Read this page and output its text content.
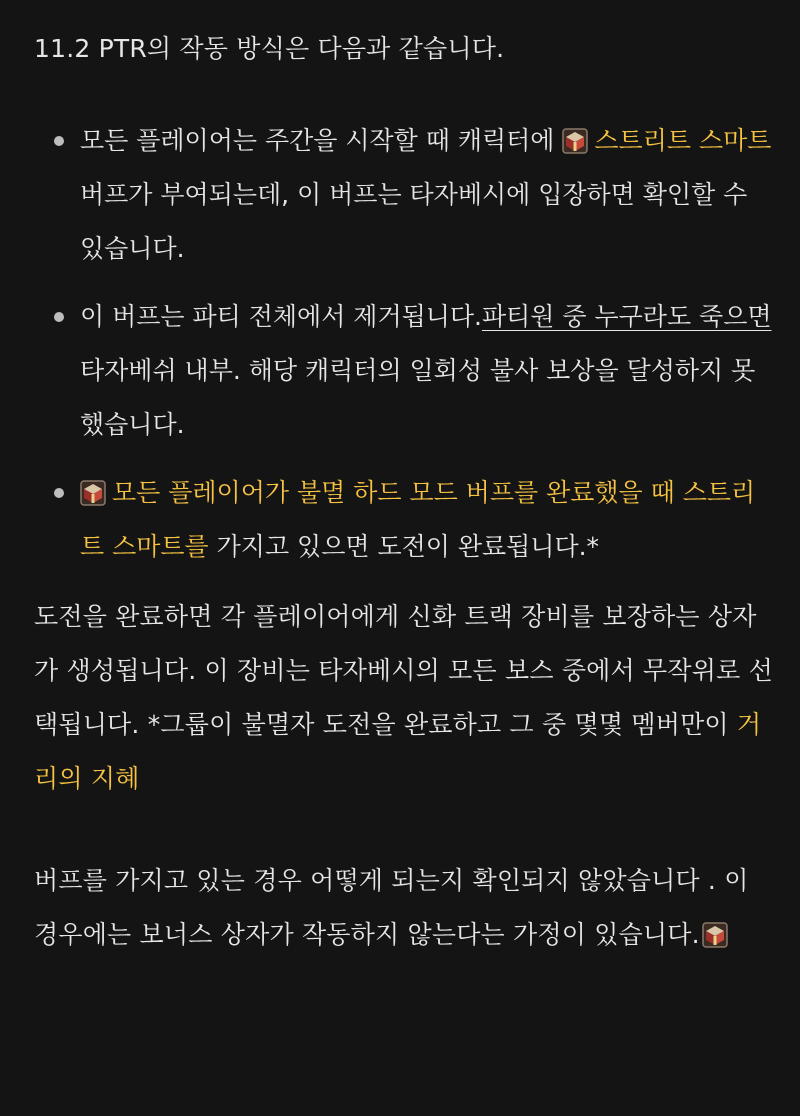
11.2 PTR의 작동 방식은 다음과 같습니다.

모든 플레이어는 주간을 시작할 때 캐릭터에
스트리트 스마트 버프가 부여되는데, 이 버프는 타자베시에 입장하면 확인할 수 있습니다.
이 버프는 파티 전체에서 제거됩니다.파티원 중 누구라도 죽으면타자베쉬 내부. 해당 캐릭터의 일회성 불사 보상을 달성하지 못했습니다.
모든 플레이어가 불멸 하드 모드 버프를 완료했을 때 스트리트 스마트를 가지고 있으면 도전이 완료됩니다.*

도전을 완료하면 각 플레이어에게 신화 트랙 장비를 보장하는 상자가 생성됩니다. 이 장비는 타자베시의 모든 보스 중에서 무작위로 선택됩니다. *그룹이 불멸자 도전을 완료하고 그 중 몇몇 멤버만이 거리의 지혜

버프를 가지고 있는 경우 어떻게 되는지 확인되지 않았습니다 . 이 경우에는 보너스 상자가 작동하지 않는다는 가정이 있습니다.
